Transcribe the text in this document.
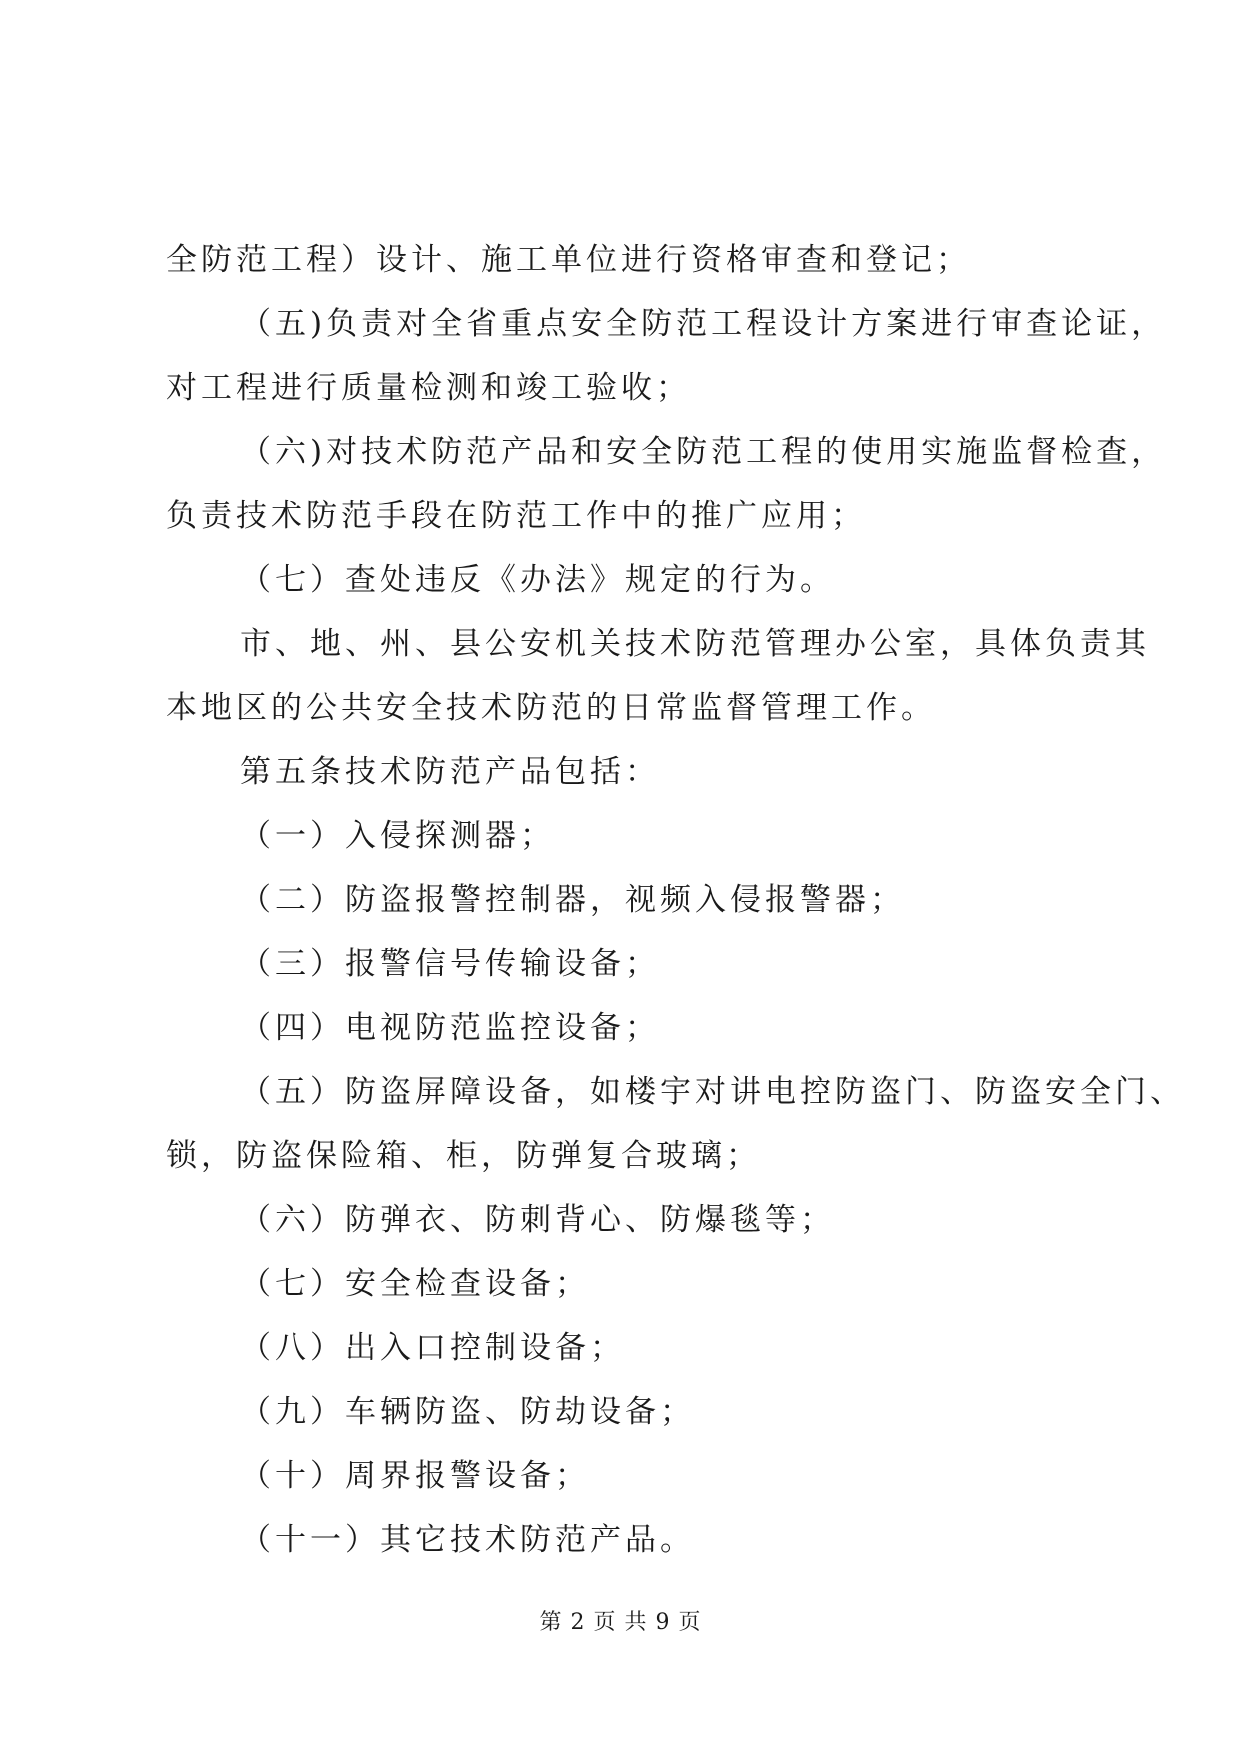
全防范工程）设计、施工单位进行资格审查和登记；
（五)负责对全省重点安全防范工程设计方案进行审查论证，
对工程进行质量检测和竣工验收；
（六)对技术防范产品和安全防范工程的使用实施监督检查，
负责技术防范手段在防范工作中的推广应用；
（七）查处违反《办法》规定的行为。
市、地、州、县公安机关技术防范管理办公室，具体负责其
本地区的公共安全技术防范的日常监督管理工作。
第五条技术防范产品包括：
（一）入侵探测器；
（二）防盗报警控制器，视频入侵报警器；
（三）报警信号传输设备；
（四）电视防范监控设备；
（五）防盗屏障设备，如楼宇对讲电控防盗门、防盗安全门、
锁，防盗保险箱、柜，防弹复合玻璃；
（六）防弹衣、防刺背心、防爆毯等；
（七）安全检查设备；
（八）出入口控制设备；
（九）车辆防盗、防劫设备；
（十）周界报警设备；
（十一）其它技术防范产品。
第 2 页 共 9 页
